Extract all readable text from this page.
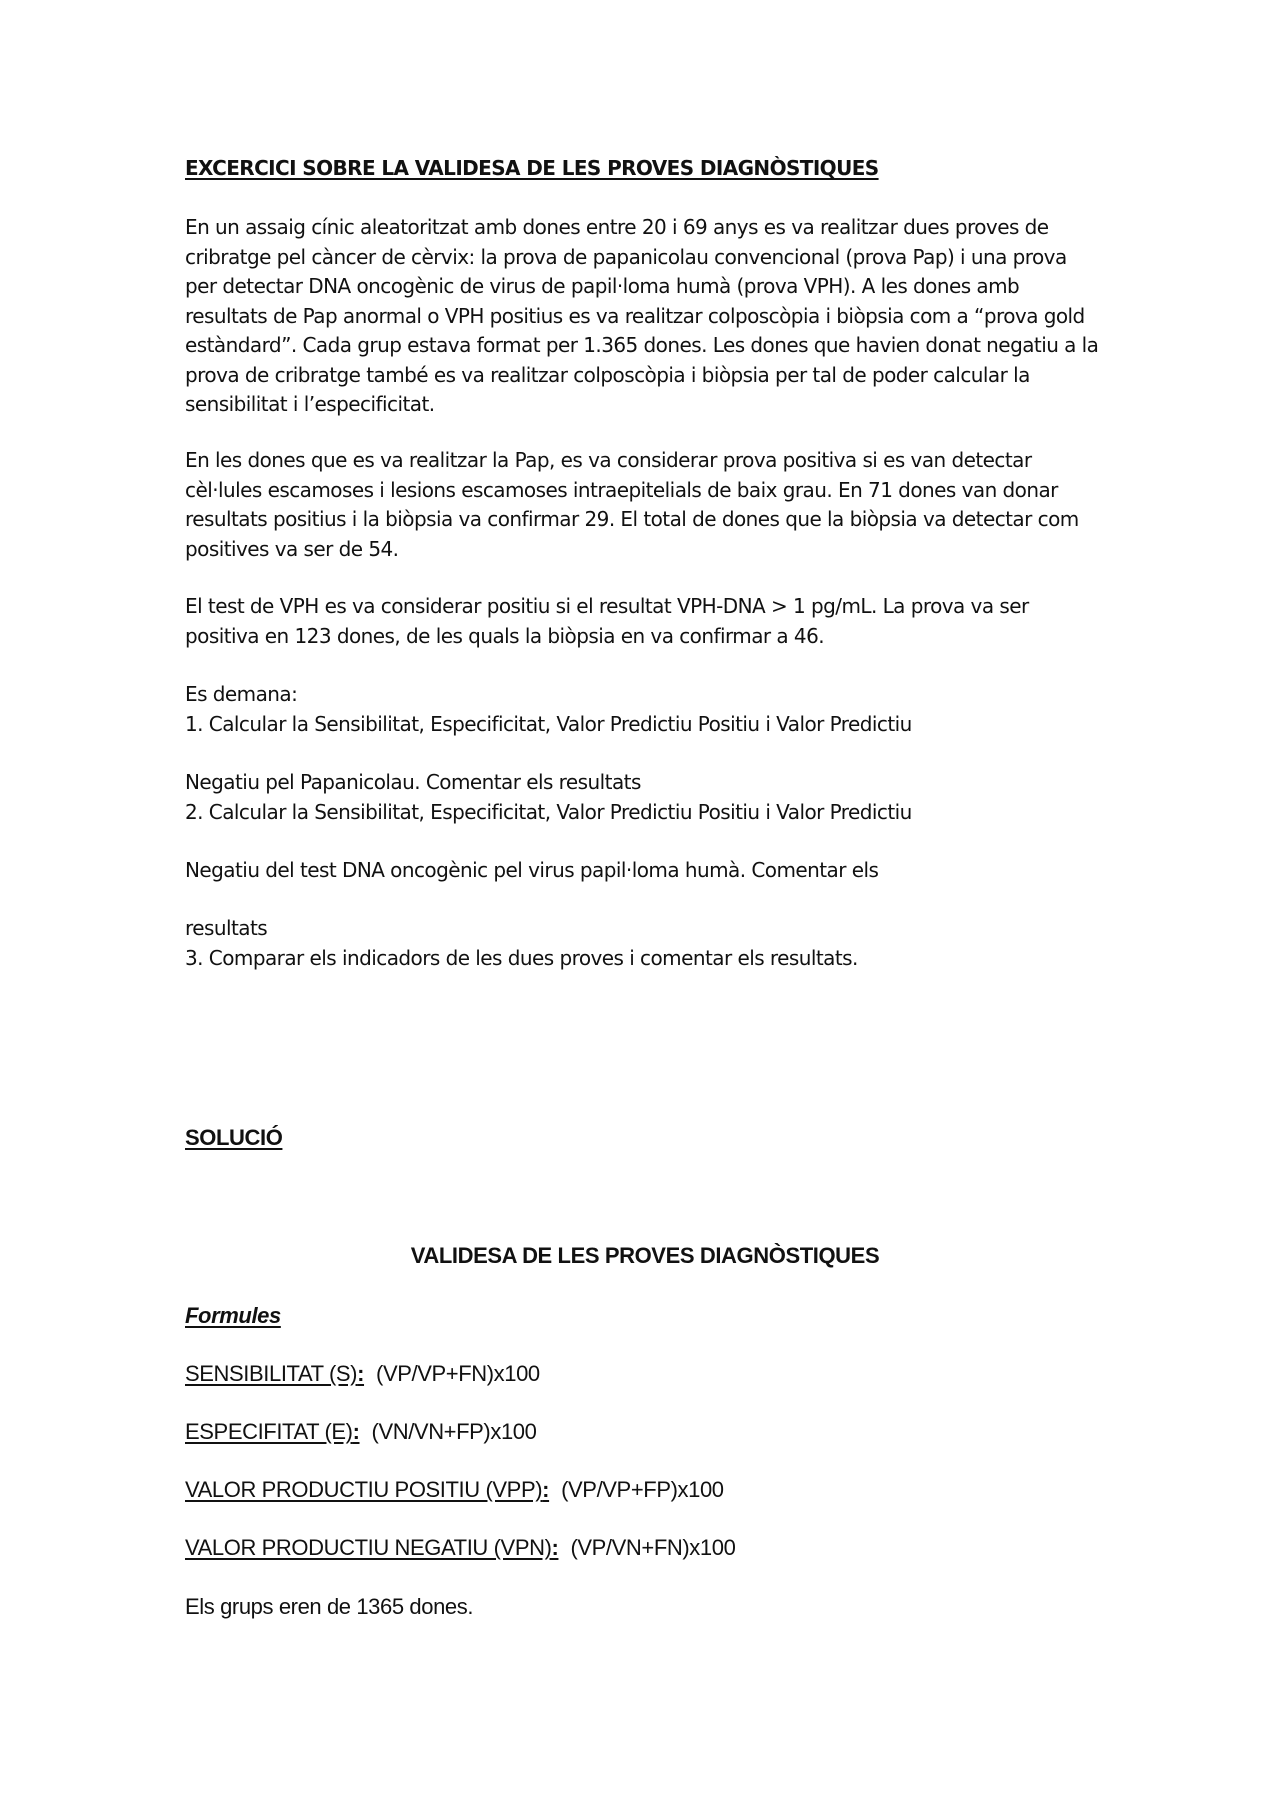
EXCERCICI SOBRE LA VALIDESA DE LES PROVES DIAGNÒSTIQUES
En un assaig cínic aleatoritzat amb dones entre 20 i 69 anys es va realitzar dues proves de
cribratge pel càncer de cèrvix: la prova de papanicolau convencional (prova Pap) i una prova
per detectar DNA oncogènic de virus de papil·loma humà (prova VPH). A les dones amb
resultats de Pap anormal o VPH positius es va realitzar colposcòpia i biòpsia com a “prova gold
estàndard”. Cada grup estava format per 1.365 dones. Les dones que havien donat negatiu a la
prova de cribratge també es va realitzar colposcòpia i biòpsia per tal de poder calcular la
sensibilitat i l’especificitat.
En les dones que es va realitzar la Pap, es va considerar prova positiva si es van detectar
cèl·lules escamoses i lesions escamoses intraepitelials de baix grau. En 71 dones van donar
resultats positius i la biòpsia va confirmar 29. El total de dones que la biòpsia va detectar com
positives va ser de 54.
El test de VPH es va considerar positiu si el resultat VPH-DNA > 1 pg/mL. La prova va ser
positiva en 123 dones, de les quals la biòpsia en va confirmar a 46.

Es demana:

1. Calcular la Sensibilitat, Especificitat, Valor Predictiu Positiu i Valor Predictiu

Negatiu pel Papanicolau. Comentar els resultats

2. Calcular la Sensibilitat, Especificitat, Valor Predictiu Positiu i Valor Predictiu

Negatiu del test DNA oncogènic pel virus papil·loma humà. Comentar els

resultats

3. Comparar els indicadors de les dues proves i comentar els resultats.

SOLUCIÓ
VALIDESA DE LES PROVES DIAGNÒSTIQUES
Formules

SENSIBILITAT (S): (VP/VP+FN)x100

ESPECIFITAT (E): (VN/VN+FP)x100

VALOR PRODUCTIU POSITIU (VPP): (VP/VP+FP)x100

VALOR PRODUCTIU NEGATIU (VPN): (VP/VN+FN)x100

Els grups eren de 1365 dones.
